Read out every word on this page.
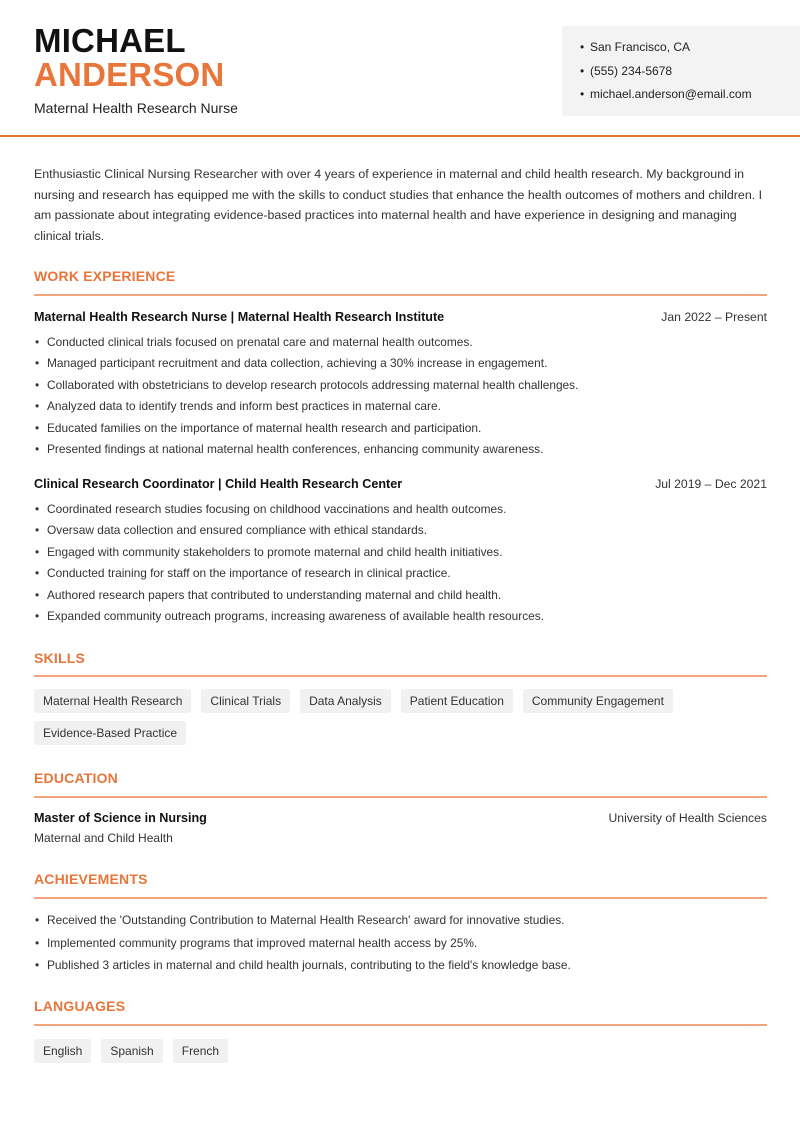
MICHAEL
ANDERSON
Maternal Health Research Nurse
• San Francisco, CA
• (555) 234-5678
• michael.anderson@email.com
Enthusiastic Clinical Nursing Researcher with over 4 years of experience in maternal and child health research. My background in nursing and research has equipped me with the skills to conduct studies that enhance the health outcomes of mothers and children. I am passionate about integrating evidence-based practices into maternal health and have experience in designing and managing clinical trials.
WORK EXPERIENCE
Maternal Health Research Nurse | Maternal Health Research Institute	Jan 2022 – Present
• Conducted clinical trials focused on prenatal care and maternal health outcomes.
• Managed participant recruitment and data collection, achieving a 30% increase in engagement.
• Collaborated with obstetricians to develop research protocols addressing maternal health challenges.
• Analyzed data to identify trends and inform best practices in maternal care.
• Educated families on the importance of maternal health research and participation.
• Presented findings at national maternal health conferences, enhancing community awareness.
Clinical Research Coordinator | Child Health Research Center	Jul 2019 – Dec 2021
• Coordinated research studies focusing on childhood vaccinations and health outcomes.
• Oversaw data collection and ensured compliance with ethical standards.
• Engaged with community stakeholders to promote maternal and child health initiatives.
• Conducted training for staff on the importance of research in clinical practice.
• Authored research papers that contributed to understanding maternal and child health.
• Expanded community outreach programs, increasing awareness of available health resources.
SKILLS
Maternal Health Research	Clinical Trials	Data Analysis	Patient Education	Community Engagement
Evidence-Based Practice
EDUCATION
Master of Science in Nursing	University of Health Sciences
Maternal and Child Health
ACHIEVEMENTS
• Received the 'Outstanding Contribution to Maternal Health Research' award for innovative studies.
• Implemented community programs that improved maternal health access by 25%.
• Published 3 articles in maternal and child health journals, contributing to the field's knowledge base.
LANGUAGES
English	Spanish	French
